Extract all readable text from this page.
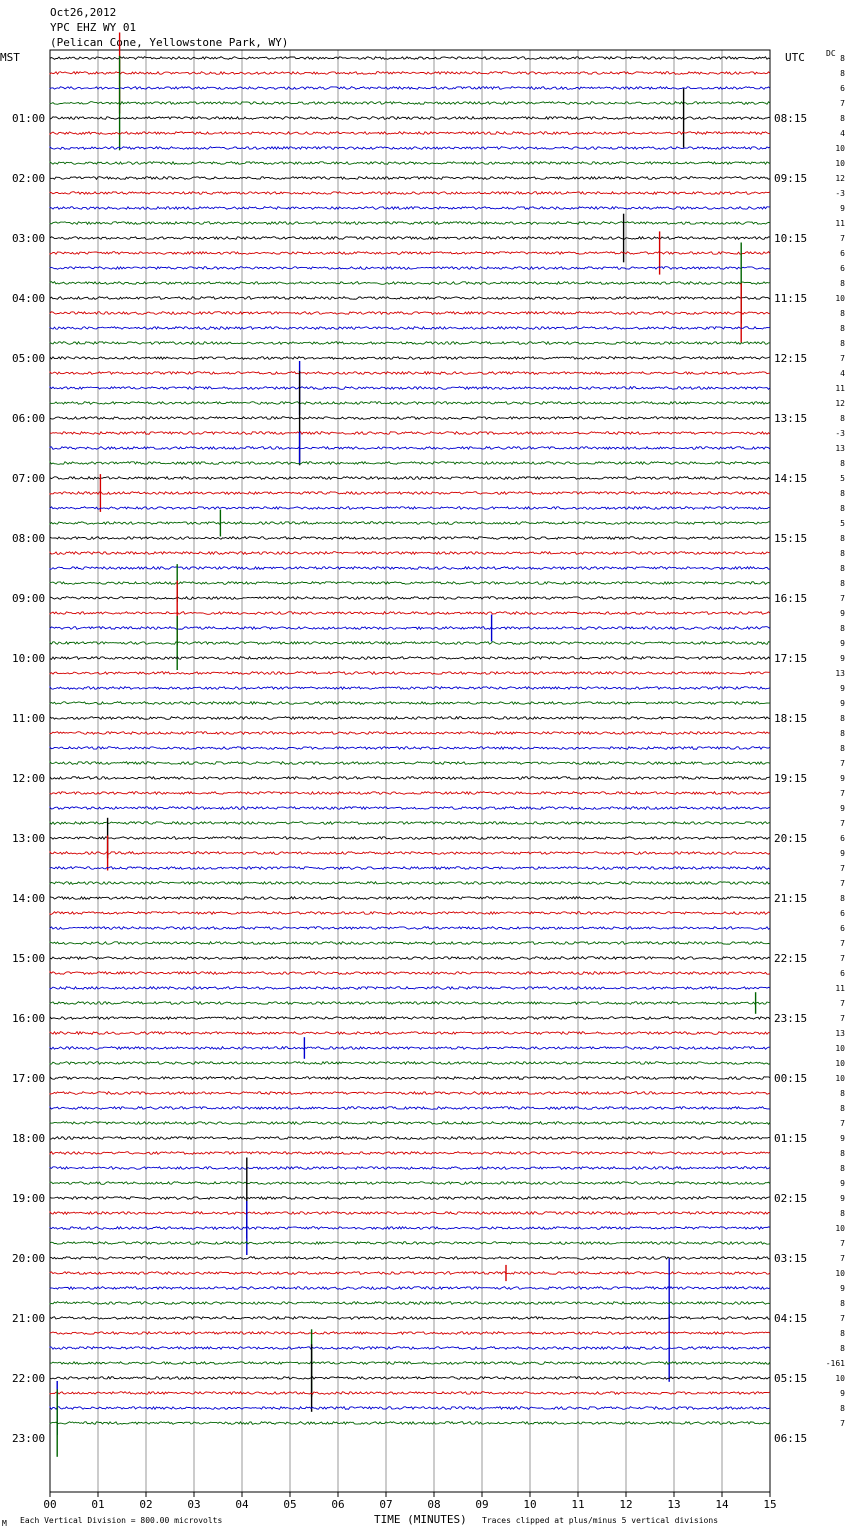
Oct26,2012
YPC EHZ WY 01
(Pelican Cone, Yellowstone Park, WY)
MST	UTC	DC
01:00
02:00
03:00
04:00
05:00
06:00
07:00
08:00
09:00
10:00
11:00
12:00
13:00
14:00
15:00
16:00
17:00
18:00
19:00
20:00
21:00
22:00
23:00
08:15
09:15
10:15
11:15
12:15
13:15
14:15
15:15
16:15
17:15
18:15
19:15
20:15
21:15
22:15
23:15
00:15
01:15
02:15
03:15
04:15
05:15
06:15
8
8
6
7
8
4
10
10
12
-3
9
11
7
6
6
8
10
8
8
8
7
4
11
12
8
-3
13
8
5
8
8
5
8
8
8
8
7
9
8
9
9
13
9
9
8
8
8
7
9
7
9
7
6
9
7
7
8
6
6
7
7
6
11
7
7
13
10
10
10
8
8
7
9
8
8
9
9
8
10
7
7
10
9
8
7
8
8
-161
10
9
8
7
00	01	02	03	04	05	06	07	08	09	10	11	12	13	14	15
TIME (MINUTES)
Each Vertical Division = 800.00 microvolts	Traces clipped at plus/minus 5 vertical divisions
M
